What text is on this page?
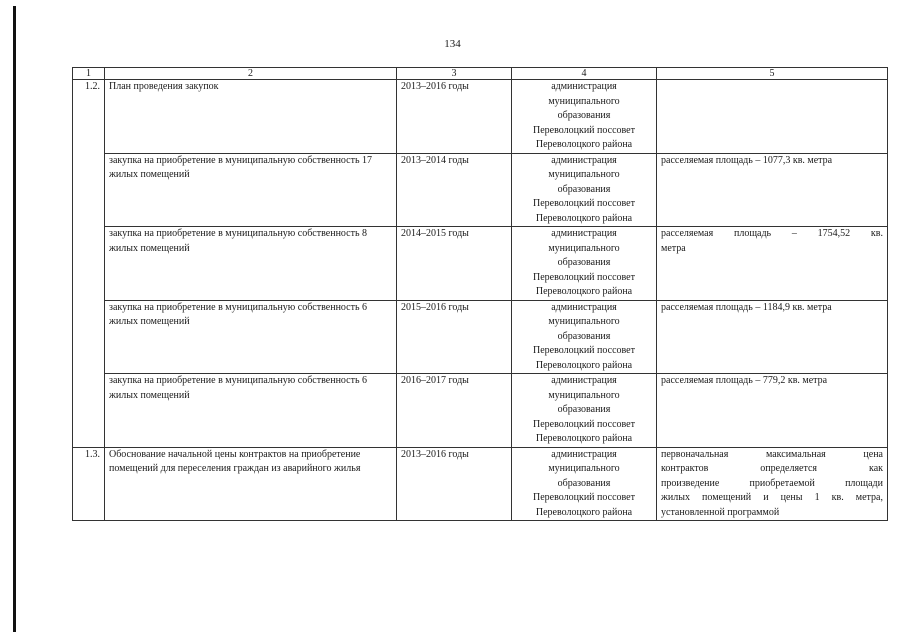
134
1	2	3	4	5
1.2.	План проведения закупок	2013–2016 годы	администрация
муниципального
образования
Переволоцкий поссовет
Переволоцкого района	

	закупка на приобретение в муниципальную собственность 17 жилых помещений	2013–2014 годы	администрация
муниципального
образования
Переволоцкий поссовет
Переволоцкого района	расселяемая площадь – 1077,3 кв. метра

	закупка на приобретение в муниципальную собственность 8 жилых помещений	2014–2015 годы	администрация
муниципального
образования
Переволоцкий поссовет
Переволоцкого района	расселяемая площадь – 1754,52 кв.
метра

	закупка на приобретение в муниципальную собственность 6 жилых помещений	2015–2016 годы	администрация
муниципального
образования
Переволоцкий поссовет
Переволоцкого района	расселяемая площадь – 1184,9 кв. метра

	закупка на приобретение в муниципальную собственность 6 жилых помещений	2016–2017 годы	администрация
муниципального
образования
Переволоцкий поссовет
Переволоцкого района	расселяемая площадь – 779,2 кв. метра

1.3.	Обоснование начальной цены контрактов на приобретение помещений для переселения граждан из аварийного жилья	2013–2016 годы	администрация
муниципального
образования
Переволоцкий поссовет
Переволоцкого района	первоначальная максимальная цена
контрактов определяется как
произведение приобретаемой площади
жилых помещений и цены 1 кв. метра,
установленной программой
